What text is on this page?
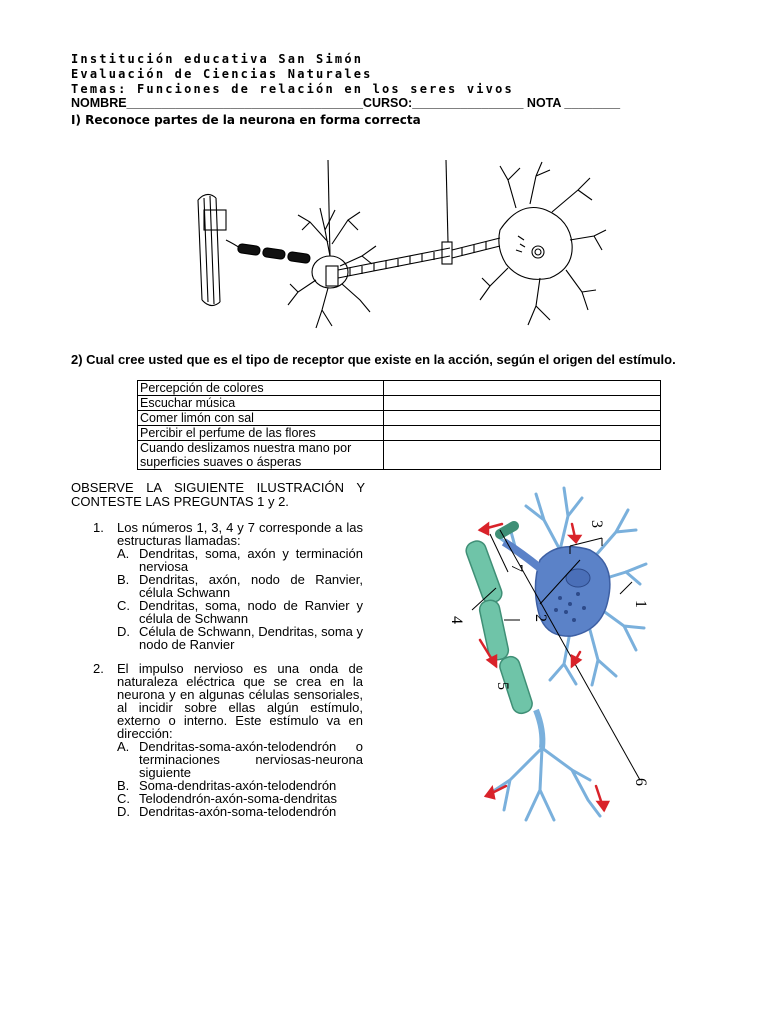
Institución educativa San Simón
Evaluación de Ciencias Naturales
Temas: Funciones de relación en los seres vivos
NOMBRE__________________________________CURSO:________________ NOTA ________
I) Reconoce partes de la neurona en forma correcta
2) Cual cree usted que es el tipo de receptor que existe en la acción, según el origen del estímulo.
Percepción de colores	
Escuchar música	
Comer limón con sal	
Percibir el perfume de las flores	
Cuando deslizamos nuestra mano por superficies suaves o ásperas	
OBSERVE LA SIGUIENTE ILUSTRACIÓN Y CONTESTE LAS PREGUNTAS 1 y 2.
1. Los números 1, 3, 4 y 7 corresponde a las estructuras llamadas:
A. Dendritas, soma, axón y terminación nerviosa
B. Dendritas, axón, nodo de Ranvier, célula Schwann
C. Dendritas, soma, nodo de Ranvier y célula de Schwann
D. Célula de Schwann, Dendritas, soma y nodo de Ranvier
2. El impulso nervioso es una onda de naturaleza eléctrica que se crea en la neurona y en algunas células sensoriales, al incidir sobre ellas algún estímulo, externo o interno. Este estímulo va en dirección:
A. Dendritas-soma-axón-telodendrón o terminaciones nerviosas-neurona siguiente
B. Soma-dendritas-axón-telodendrón
C. Telodendrón-axón-soma-dendritas
D. Dendritas-axón-soma-telodendrón
1
2
3
4
5
6
7
